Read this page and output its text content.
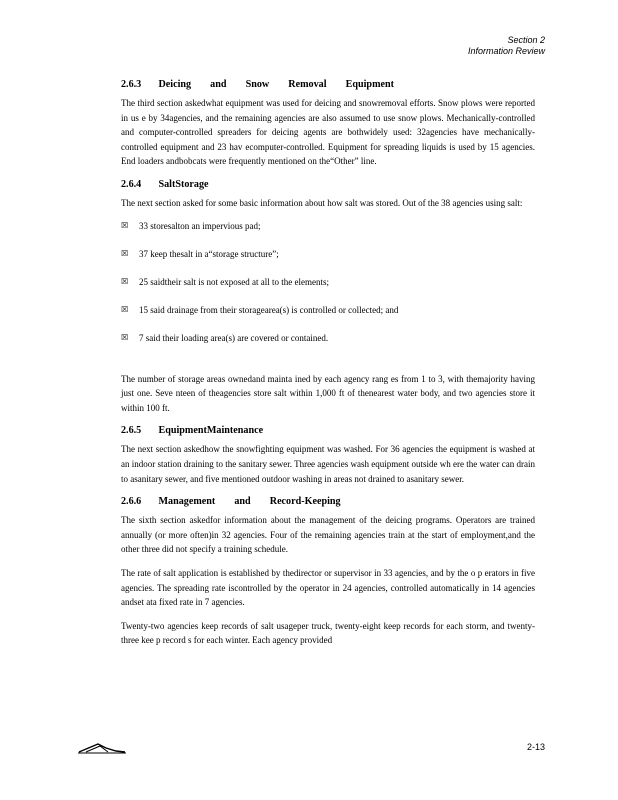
Section 2
Information Review
2.6.3 Deicing and Snow Removal Equipment

The third section askedwhat equipment was used for deicing and snowremoval efforts. Snow plows were reported in us e by 34agencies, and the remaining agencies are also assumed to use snow plows. Mechanically-controlled and computer-controlled spreaders for deicing agents are bothwidely used: 32agencies have mechanically-controlled equipment and 23 hav ecomputer-controlled. Equipment for spreading liquids is used by 15 agencies. End loaders andbobcats were frequently mentioned on the“Other” line.

2.6.4 SaltStorage

The next section asked for some basic information about how salt was stored. Out of the 38 agencies using salt:

☒ 33 storesalton an impervious pad;
☒ 37 keep thesalt in a“storage structure”;
☒ 25 saidtheir salt is not exposed at all to the elements;
☒ 15 said drainage from their storagearea(s) is controlled or collected; and
☒ 7 said their loading area(s) are covered or contained.

The number of storage areas ownedand mainta ined by each agency rang es from 1 to 3, with themajority having just one. Seve nteen of theagencies store salt within 1,000 ft of thenearest water body, and two agencies store it within 100 ft.

2.6.5 EquipmentMaintenance

The next section askedhow the snowfighting equipment was washed. For 36 agencies the equipment is washed at an indoor station draining to the sanitary sewer. Three agencies wash equipment outside wh ere the water can drain to asanitary sewer, and five mentioned outdoor washing in areas not drained to asanitary sewer.

2.6.6 Management and Record-Keeping

The sixth section askedfor information about the management of the deicing programs. Operators are trained annually (or more often)in 32 agencies. Four of the remaining agencies train at the start of employment,and the other three did not specify a training schedule.

The rate of salt application is established by thedirector or supervisor in 33 agencies, and by the o p erators in five agencies. The spreading rate iscontrolled by the operator in 24 agencies, controlled automatically in 14 agencies andset ata fixed rate in 7 agencies.

Twenty-two agencies keep records of salt usageper truck, twenty-eight keep records for each storm, and twenty-three kee p record s for each winter. Each agency provided

2-13
